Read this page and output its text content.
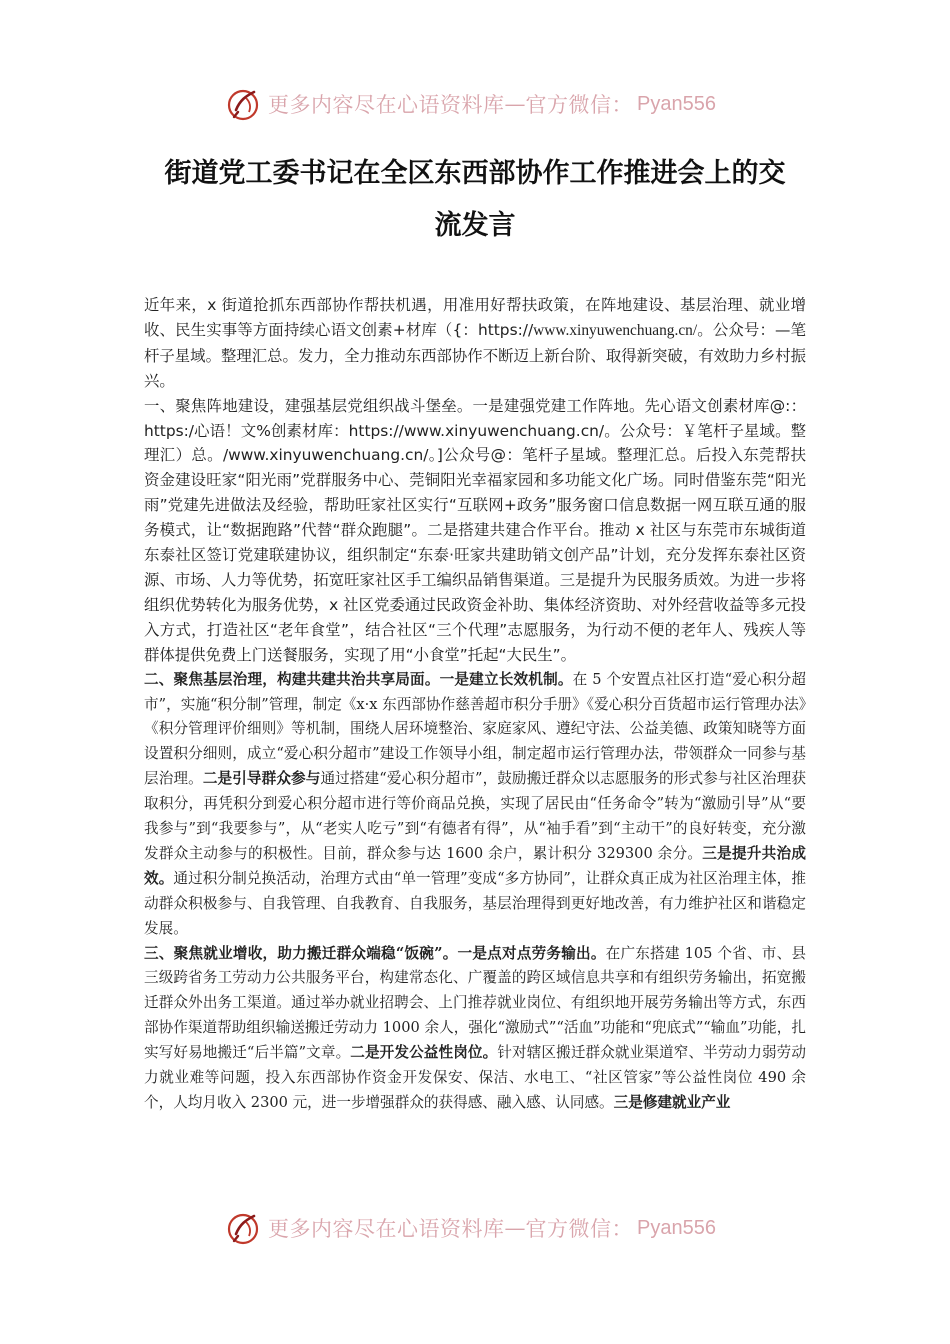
更多内容尽在心语资料库 — 官方微信： Pyan556
街道党工委书记在全区东西部协作工作推进会上的交
流发言

近年来，x 街道抢抓东西部协作帮扶机遇，用准用好帮扶政策，在阵地建设、基层治理、就业增收、民生实事等方面持续心语文创素+材库（{：https://www.xinyuwenchuang.cn/。公众号：—笔杆子星域。整理汇总。发力，全力推动东西部协作不断迈上新台阶、取得新突破，有效助力乡村振兴。

一、聚焦阵地建设，建强基层党组织战斗堡垒。一是建强党建工作阵地。先心语文创素材库@:：https:/心语！文%创素材库：https://www.xinyuwenchuang.cn/。公众号：￥笔杆子星域。整理汇）总。/www.xinyuwenchuang.cn/。]公众号@：笔杆子星域。整理汇总。后投入东莞帮扶资金建设旺家“阳光雨”党群服务中心、莞铜阳光幸福家园和多功能文化广场。同时借鉴东莞“阳光雨”党建先进做法及经验，帮助旺家社区实行“互联网+政务”服务窗口信息数据一网互联互通的服务模式，让“数据跑路”代替“群众跑腿”。二是搭建共建合作平台。推动 x 社区与东莞市东城街道东泰社区签订党建联建协议，组织制定“东泰·旺家共建助销文创产品”计划，充分发挥东泰社区资源、市场、人力等优势，拓宽旺家社区手工编织品销售渠道。三是提升为民服务质效。为进一步将组织优势转化为服务优势，x 社区党委通过民政资金补助、集体经济资助、对外经营收益等多元投入方式，打造社区“老年食堂”，结合社区“三个代理”志愿服务，为行动不便的老年人、残疾人等群体提供免费上门送餐服务，实现了用“小食堂”托起“大民生”。

二、聚焦基层治理，构建共建共治共享局面。一是建立长效机制。在 5 个安置点社区打造“爱心积分超市”，实施“积分制”管理，制定《x·x 东西部协作慈善超市积分手册》《爱心积分百货超市运行管理办法》《积分管理评价细则》等机制，围绕人居环境整治、家庭家风、遵纪守法、公益美德、政策知晓等方面设置积分细则，成立“爱心积分超市”建设工作领导小组，制定超市运行管理办法，带领群众一同参与基层治理。二是引导群众参与通过搭建“爱心积分超市”，鼓励搬迁群众以志愿服务的形式参与社区治理获取积分，再凭积分到爱心积分超市进行等价商品兑换，实现了居民由“任务命令”转为“激励引导”从“要我参与”到“我要参与”，从“老实人吃亏”到“有德者有得”，从“袖手看”到“主动干”的良好转变，充分激发群众主动参与的积极性。目前，群众参与达 1600 余户，累计积分 329300 余分。三是提升共治成效。通过积分制兑换活动，治理方式由“单一管理”变成“多方协同”，让群众真正成为社区治理主体，推动群众积极参与、自我管理、自我教育、自我服务，基层治理得到更好地改善，有力维护社区和谐稳定发展。

三、聚焦就业增收，助力搬迁群众端稳“饭碗”。一是点对点劳务输出。在广东搭建 105 个省、市、县三级跨省务工劳动力公共服务平台，构建常态化、广覆盖的跨区域信息共享和有组织劳务输出，拓宽搬迁群众外出务工渠道。通过举办就业招聘会、上门推荐就业岗位、有组织地开展劳务输出等方式，东西部协作渠道帮助组织输送搬迁劳动力 1000 余人，强化“激励式”“活血”功能和“兜底式”“输血”功能，扎实写好易地搬迁“后半篇”文章。二是开发公益性岗位。针对辖区搬迁群众就业渠道窄、半劳动力弱劳动力就业难等问题，投入东西部协作资金开发保安、保洁、水电工、“社区管家”等公益性岗位 490 余个，人均月收入 2300 元，进一步增强群众的获得感、融入感、认同感。三是修建就业产业

更多内容尽在心语资料库 — 官方微信： Pyan556
